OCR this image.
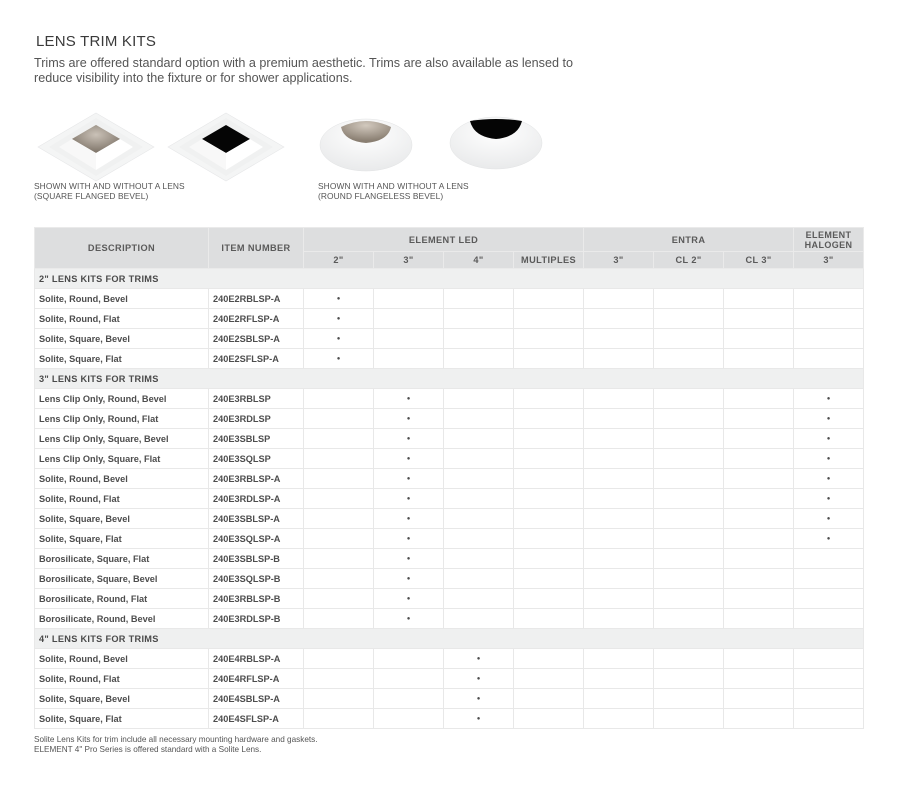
LENS TRIM KITS
Trims are offered standard option with a premium aesthetic. Trims are also available as lensed to reduce visibility into the fixture or for shower applications.
SHOWN WITH AND WITHOUT A LENS
(SQUARE FLANGED BEVEL)
SHOWN WITH AND WITHOUT A LENS
(ROUND FLANGELESS BEVEL)
DESCRIPTION	ITEM NUMBER	ELEMENT LED				ENTRA			ELEMENT
HALOGEN

		2"	3"	4"	MULTIPLES	3"	CL 2"	CL 3"	3"
2" LENS KITS FOR TRIMS									
Solite, Round, Bevel	240E2RBLSP-A	●							
Solite, Round, Flat	240E2RFLSP-A	●							
Solite, Square, Bevel	240E2SBLSP-A	●							
Solite, Square, Flat	240E2SFLSP-A	●							
3" LENS KITS FOR TRIMS									
Lens Clip Only, Round, Bevel	240E3RBLSP		●						●
Lens Clip Only, Round, Flat	240E3RDLSP		●						●
Lens Clip Only, Square, Bevel	240E3SBLSP		●						●
Lens Clip Only, Square, Flat	240E3SQLSP		●						●
Solite, Round, Bevel	240E3RBLSP-A		●						●
Solite, Round, Flat	240E3RDLSP-A		●						●
Solite, Square, Bevel	240E3SBLSP-A		●						●
Solite, Square, Flat	240E3SQLSP-A		●						●
Borosilicate, Square, Flat	240E3SBLSP-B		●						
Borosilicate, Square, Bevel	240E3SQLSP-B		●						
Borosilicate, Round, Flat	240E3RBLSP-B		●						
Borosilicate, Round, Bevel	240E3RDLSP-B		●						
4" LENS KITS FOR TRIMS									
Solite, Round, Bevel	240E4RBLSP-A			●					
Solite, Round, Flat	240E4RFLSP-A			●					
Solite, Square, Bevel	240E4SBLSP-A			●					
Solite, Square, Flat	240E4SFLSP-A			●					
Solite Lens Kits for trim include all necessary mounting hardware and gaskets.
ELEMENT 4" Pro Series is offered standard with a Solite Lens.
